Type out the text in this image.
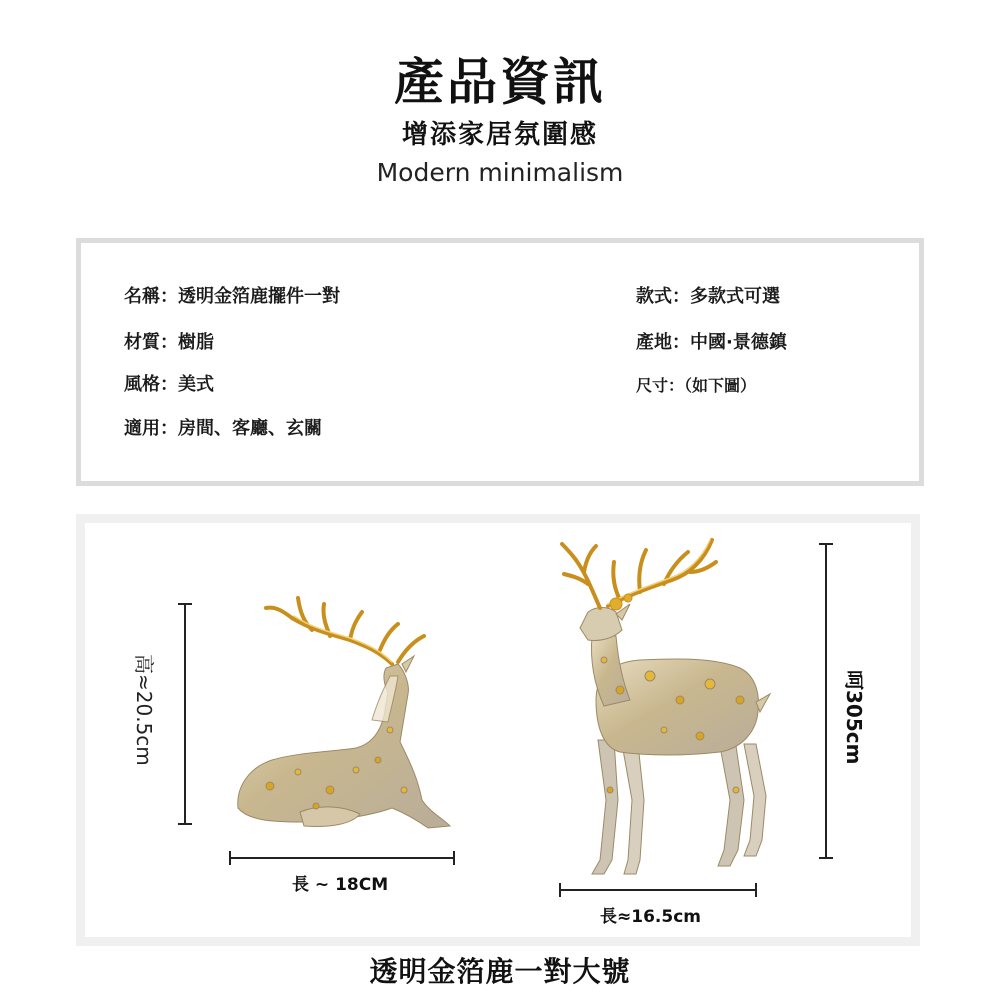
產品資訊
增添家居氛圍感
Modern minimalism
名稱：透明金箔鹿擺件一對	款式：多款式可選
材質：樹脂	產地：中國·景德鎮
風格：美式	尺寸：（如下圖）
適用：房間、客廳、玄關
高≈20.5cm
長 ~ 18CM
呵305cm
長≈16.5cm
透明金箔鹿一對大號
